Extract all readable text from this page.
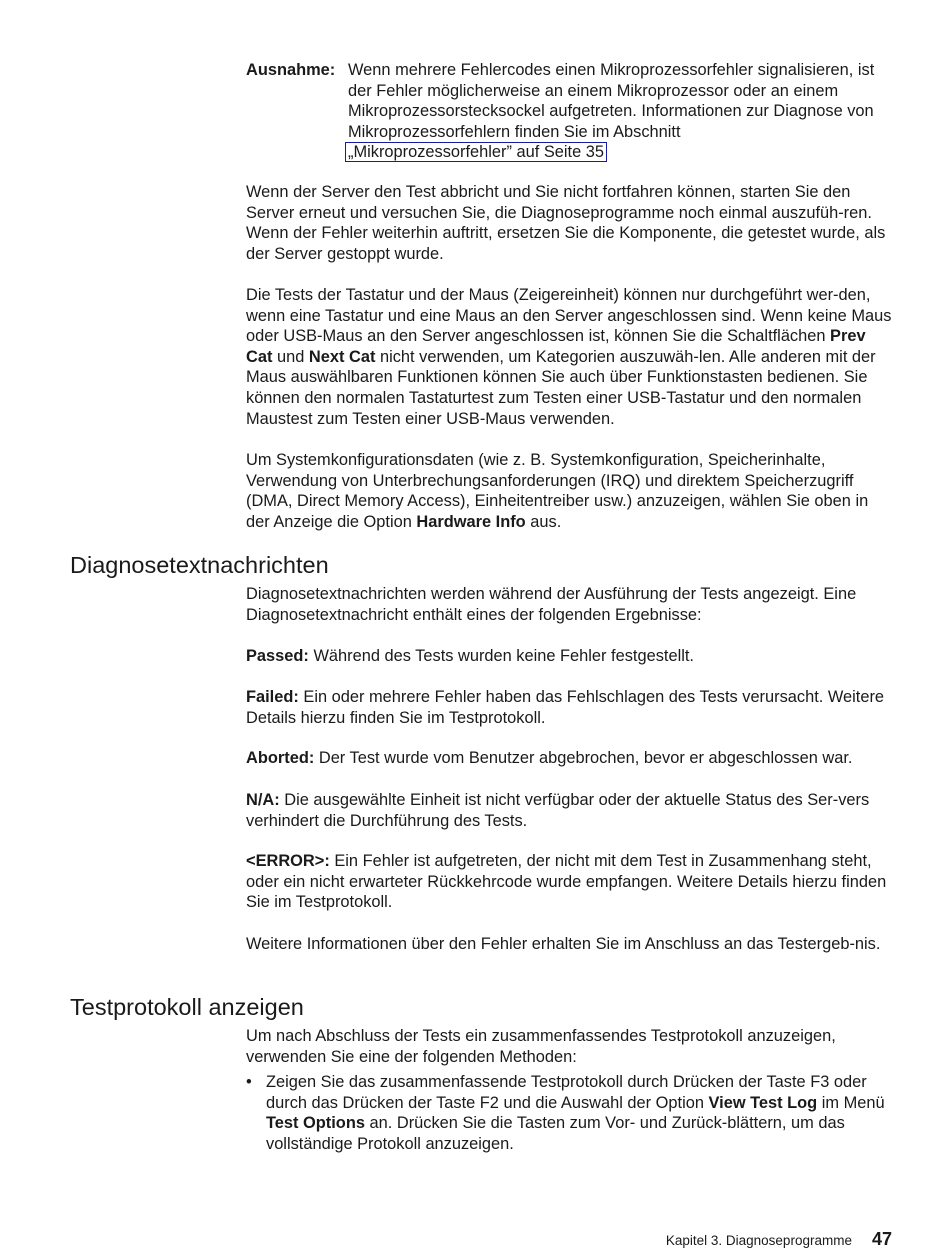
Ausnahme: Wenn mehrere Fehlercodes einen Mikroprozessorfehler signalisieren, ist der Fehler möglicherweise an einem Mikroprozessor oder an einem Mikroprozessorstecksockel aufgetreten. Informationen zur Diagnose von Mikroprozessorfehlern finden Sie im Abschnitt
„Mikroprozessorfehler” auf Seite 35

Wenn der Server den Test abbricht und Sie nicht fortfahren können, starten Sie den Server erneut und versuchen Sie, die Diagnoseprogramme noch einmal auszufüh-ren. Wenn der Fehler weiterhin auftritt, ersetzen Sie die Komponente, die getestet wurde, als der Server gestoppt wurde.

Die Tests der Tastatur und der Maus (Zeigereinheit) können nur durchgeführt wer-den, wenn eine Tastatur und eine Maus an den Server angeschlossen sind. Wenn keine Maus oder USB-Maus an den Server angeschlossen ist, können Sie die Schaltflächen Prev Cat und Next Cat nicht verwenden, um Kategorien auszuwäh-len. Alle anderen mit der Maus auswählbaren Funktionen können Sie auch über Funktionstasten bedienen. Sie können den normalen Tastaturtest zum Testen einer USB-Tastatur und den normalen Maustest zum Testen einer USB-Maus verwenden.

Um Systemkonfigurationsdaten (wie z. B. Systemkonfiguration, Speicherinhalte, Verwendung von Unterbrechungsanforderungen (IRQ) und direktem Speicherzugriff (DMA, Direct Memory Access), Einheitentreiber usw.) anzuzeigen, wählen Sie oben in der Anzeige die Option Hardware Info aus.

Diagnosetextnachrichten

Diagnosetextnachrichten werden während der Ausführung der Tests angezeigt. Eine Diagnosetextnachricht enthält eines der folgenden Ergebnisse:

Passed: Während des Tests wurden keine Fehler festgestellt.

Failed: Ein oder mehrere Fehler haben das Fehlschlagen des Tests verursacht. Weitere Details hierzu finden Sie im Testprotokoll.

Aborted: Der Test wurde vom Benutzer abgebrochen, bevor er abgeschlossen war.

N/A: Die ausgewählte Einheit ist nicht verfügbar oder der aktuelle Status des Ser-vers verhindert die Durchführung des Tests.

<ERROR>: Ein Fehler ist aufgetreten, der nicht mit dem Test in Zusammenhang steht, oder ein nicht erwarteter Rückkehrcode wurde empfangen. Weitere Details hierzu finden Sie im Testprotokoll.

Weitere Informationen über den Fehler erhalten Sie im Anschluss an das Testergeb-nis.

Testprotokoll anzeigen

Um nach Abschluss der Tests ein zusammenfassendes Testprotokoll anzuzeigen, verwenden Sie eine der folgenden Methoden:

• Zeigen Sie das zusammenfassende Testprotokoll durch Drücken der Taste F3 oder durch das Drücken der Taste F2 und die Auswahl der Option View Test Log im Menü Test Options an. Drücken Sie die Tasten zum Vor- und Zurück-blättern, um das vollständige Protokoll anzuzeigen.
Kapitel 3. Diagnoseprogramme 47
